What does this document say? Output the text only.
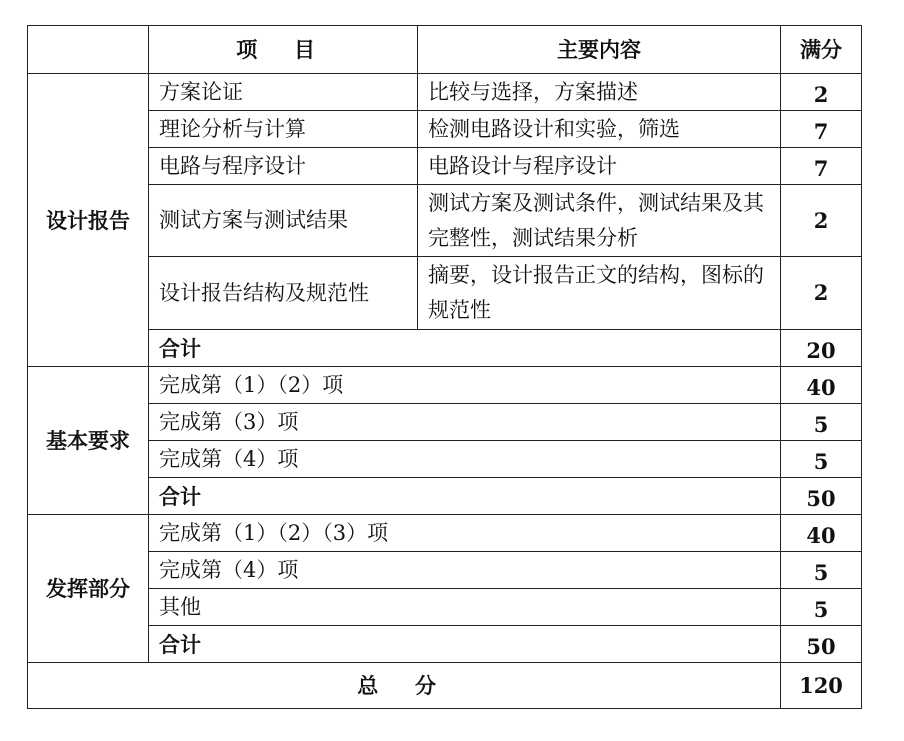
	项 目	主要内容	满分
设计报告	方案论证	比较与选择，方案描述	2
	理论分析与计算	检测电路设计和实验，筛选	7
	电路与程序设计	电路设计与程序设计	7
	测试方案与测试结果	测试方案及测试条件，测试结果及其完整性，测试结果分析	2
	设计报告结构及规范性	摘要，设计报告正文的结构，图标的规范性	2
	合计		20
基本要求	完成第（1）（2）项		40
	完成第（3）项		5
	完成第（4）项		5
	合计		50
发挥部分	完成第（1）（2）（3）项		40
	完成第（4）项		5
	其他		5
	合计		50
总 分			120
